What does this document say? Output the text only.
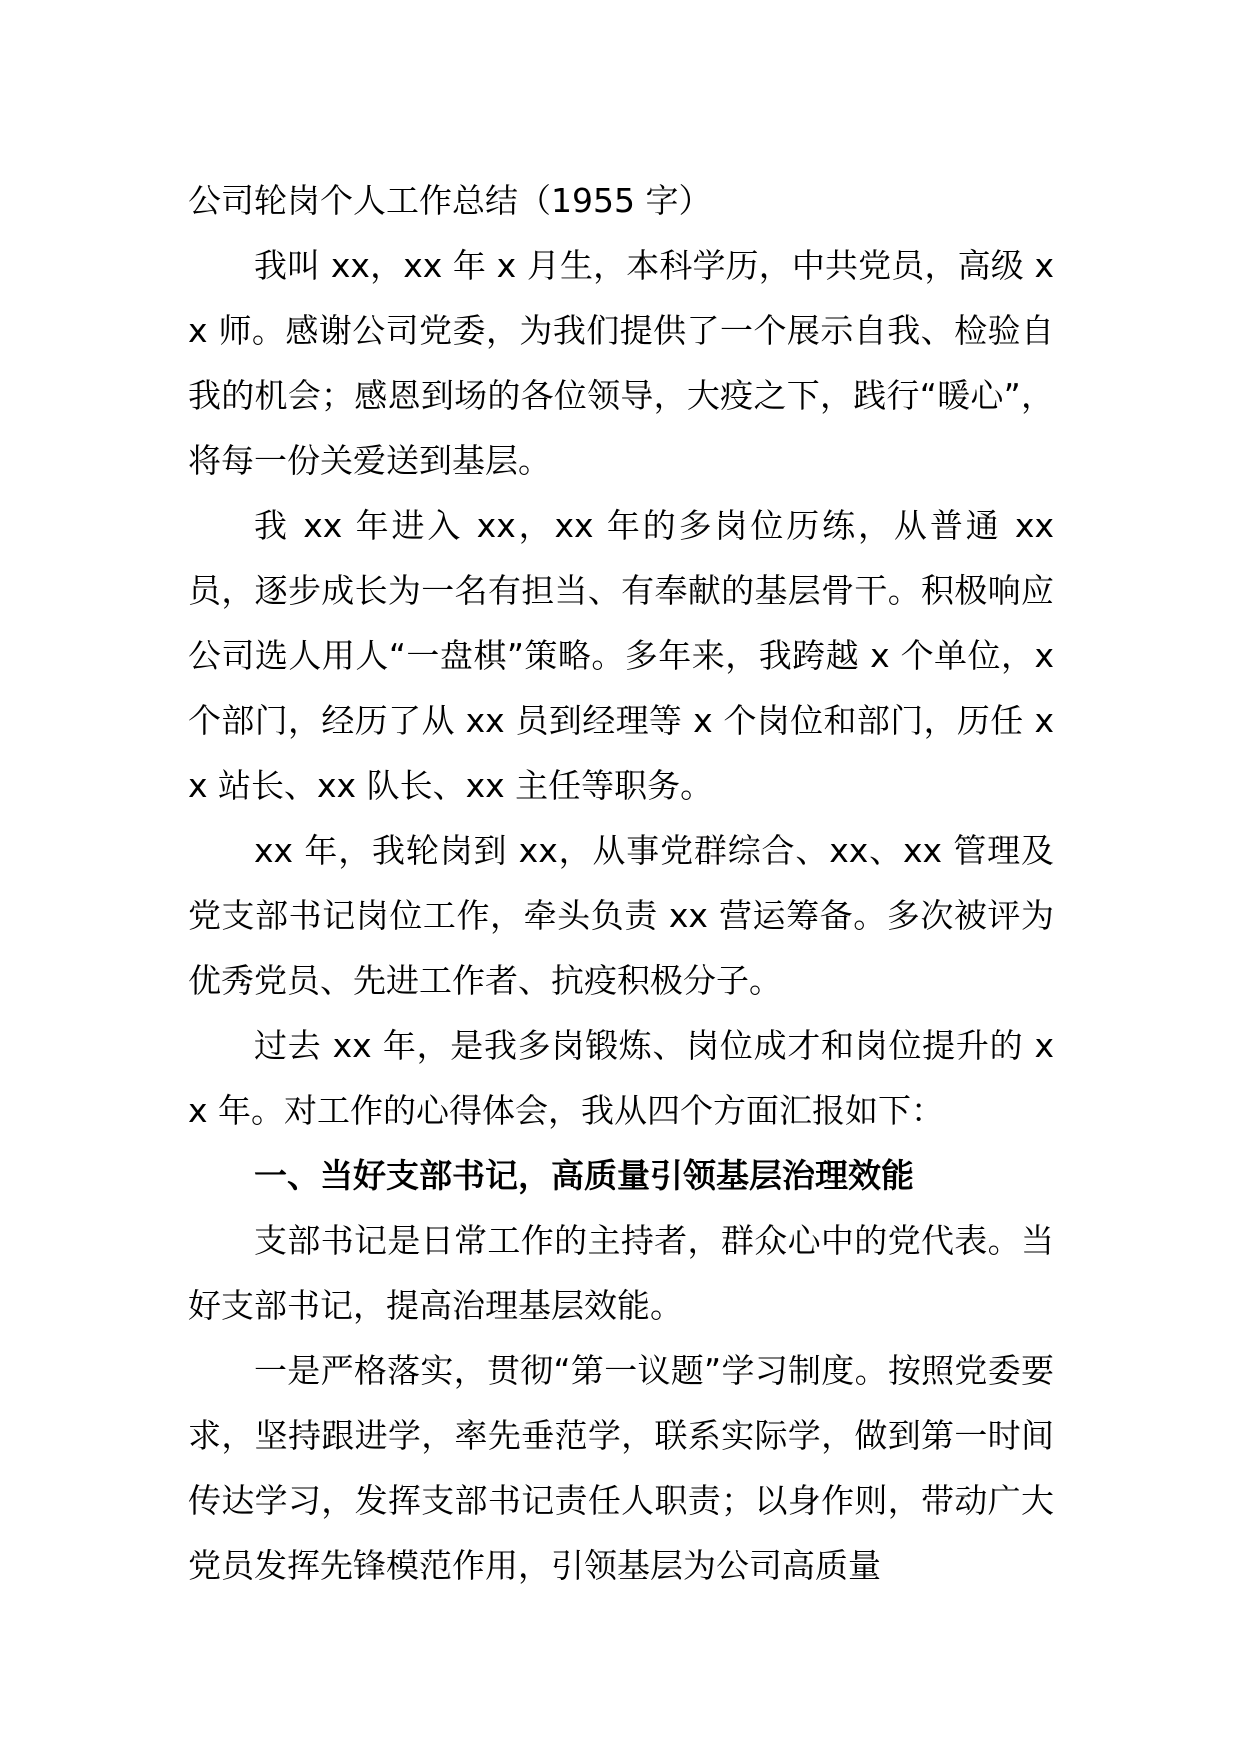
公司轮岗个人工作总结（1955 字）

我叫 xx，xx 年 x 月生，本科学历，中共党员，高级 xx 师。感谢公司党委，为我们提供了一个展示自我、检验自我的机会；感恩到场的各位领导，大疫之下，践行“暖心”，将每一份关爱送到基层。

我 xx 年进入 xx，xx 年的多岗位历练，从普通 xx 员，逐步成长为一名有担当、有奉献的基层骨干。积极响应公司选人用人“一盘棋”策略。多年来，我跨越 x 个单位，x 个部门，经历了从 xx 员到经理等 x 个岗位和部门，历任 xx 站长、xx 队长、xx 主任等职务。

xx 年，我轮岗到 xx，从事党群综合、xx、xx 管理及党支部书记岗位工作，牵头负责 xx 营运筹备。多次被评为优秀党员、先进工作者、抗疫积极分子。

过去 xx 年，是我多岗锻炼、岗位成才和岗位提升的 xx 年。对工作的心得体会，我从四个方面汇报如下：

一、当好支部书记，高质量引领基层治理效能

支部书记是日常工作的主持者，群众心中的党代表。当好支部书记，提高治理基层效能。

一是严格落实，贯彻“第一议题”学习制度。按照党委要求，坚持跟进学，率先垂范学，联系实际学，做到第一时间传达学习，发挥支部书记责任人职责；以身作则，带动广大党员发挥先锋模范作用，引领基层为公司高质量
